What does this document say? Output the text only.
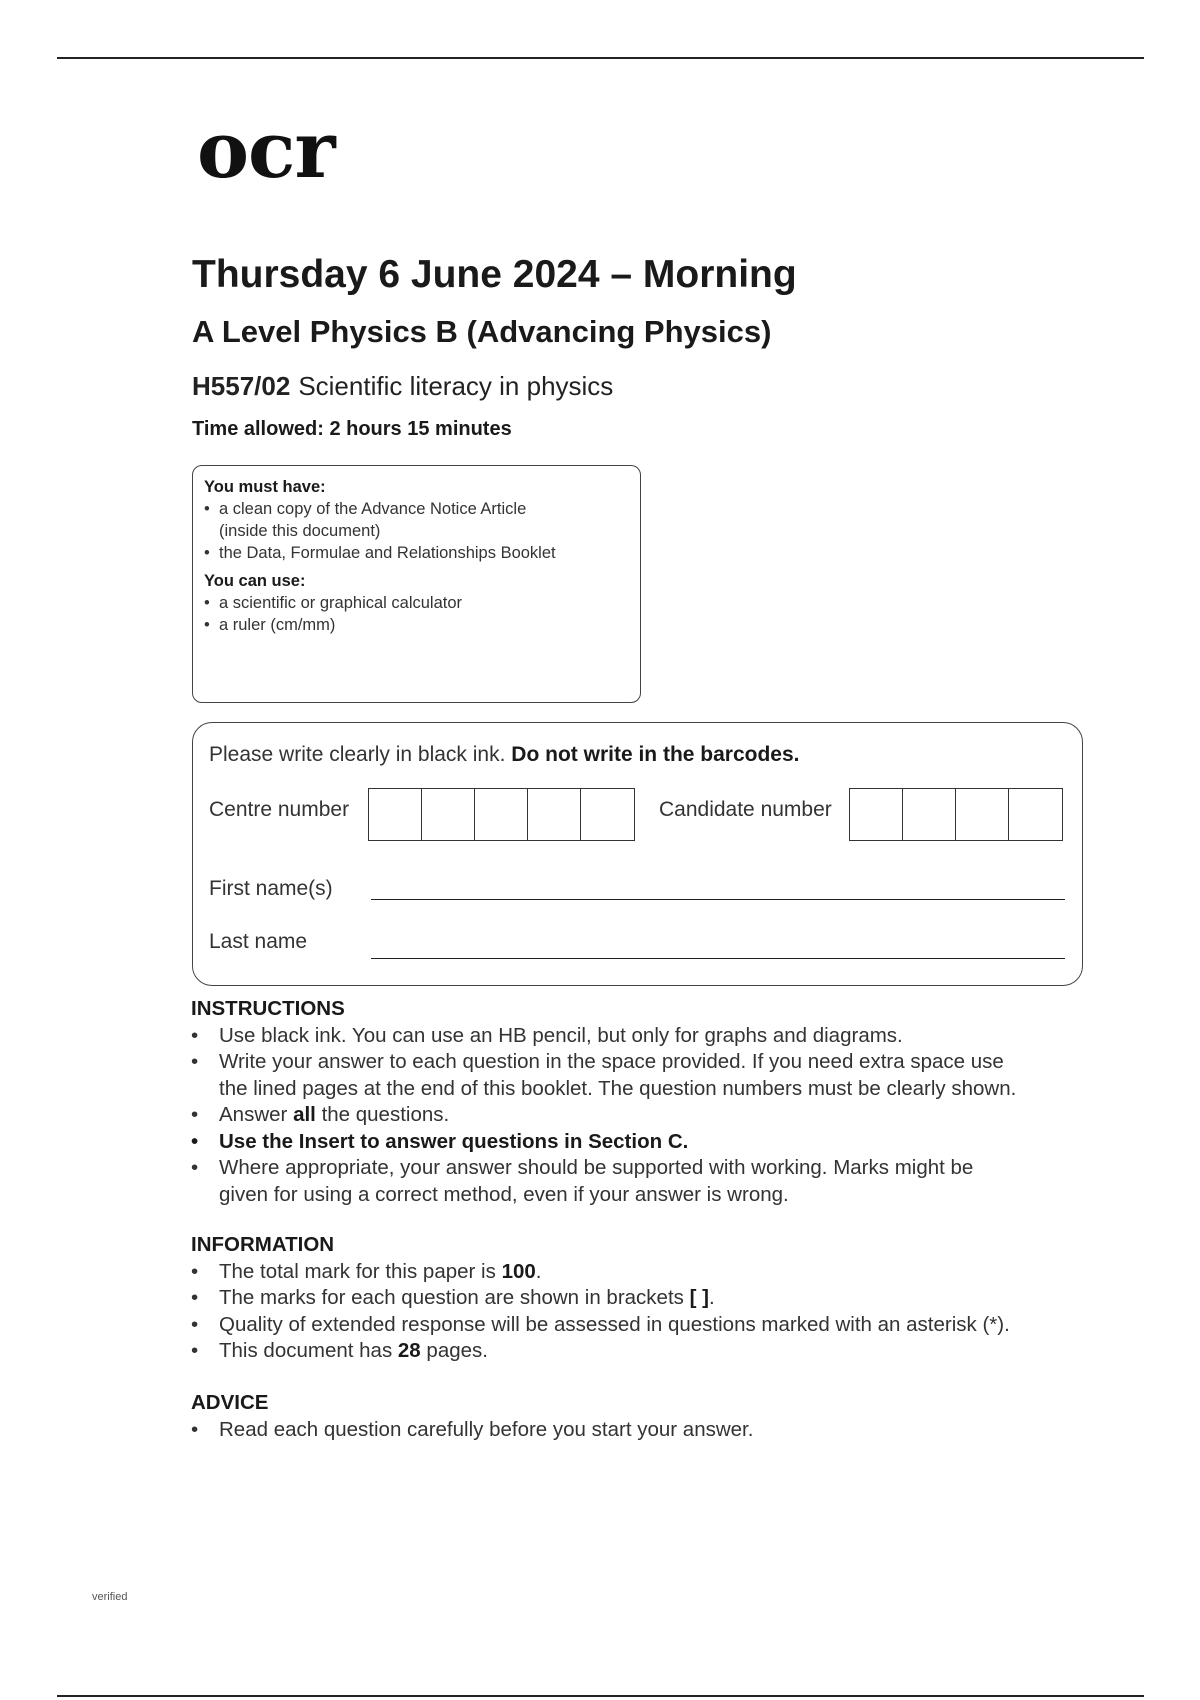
ocr
Thursday 6 June 2024 – Morning
A Level Physics B (Advancing Physics)
H557/02 Scientific literacy in physics
Time allowed: 2 hours 15 minutes
You must have:
• a clean copy of the Advance Notice Article
(inside this document)
• the Data, Formulae and Relationships Booklet
You can use:
• a scientific or graphical calculator
• a ruler (cm/mm)
Please write clearly in black ink. Do not write in the barcodes.
Centre number	Candidate number
First name(s)
Last name
INSTRUCTIONS
• Use black ink. You can use an HB pencil, but only for graphs and diagrams.
• Write your answer to each question in the space provided. If you need extra space use
the lined pages at the end of this booklet. The question numbers must be clearly shown.
• Answer all the questions.
• Use the Insert to answer questions in Section C.
• Where appropriate, your answer should be supported with working. Marks might be
given for using a correct method, even if your answer is wrong.
INFORMATION
• The total mark for this paper is 100.
• The marks for each question are shown in brackets [ ].
• Quality of extended response will be assessed in questions marked with an asterisk (*).
• This document has 28 pages.
ADVICE
• Read each question carefully before you start your answer.
verified
